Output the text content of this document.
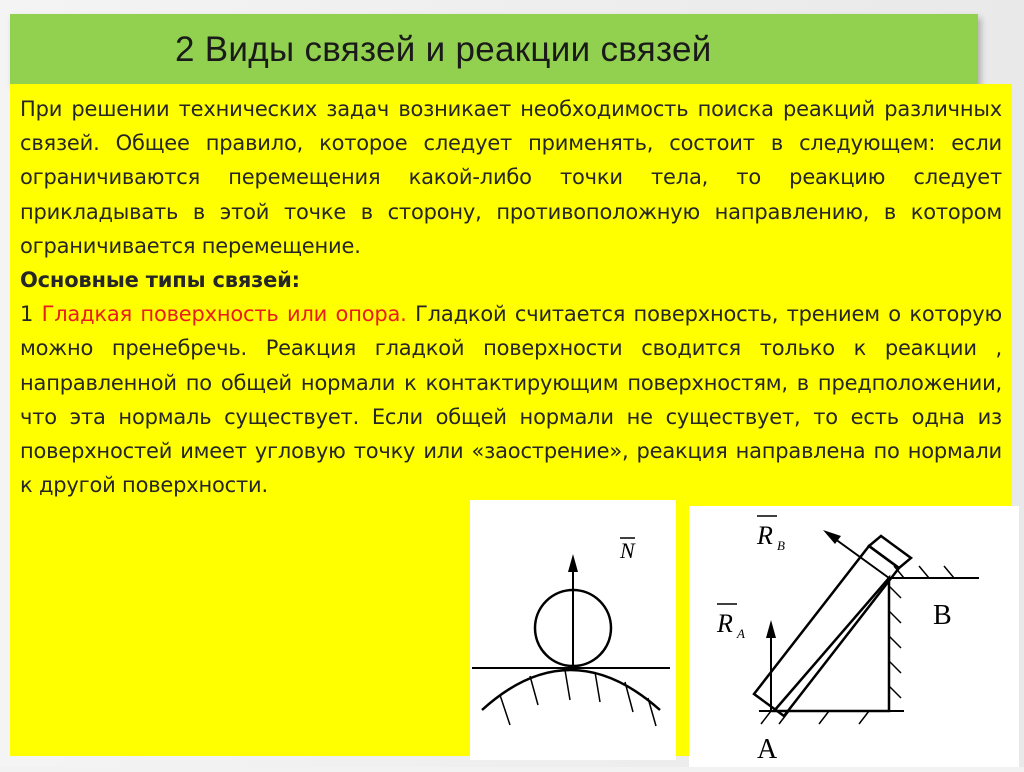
2 Виды связей и реакции связей

При решении технических задач возникает необходимость поиска реакций различных связей. Общее правило, которое следует применять, состоит в следующем: если ограничиваются перемещения какой-либо точки тела, то реакцию следует прикладывать в этой точке в сторону, противоположную направлению, в котором ограничивается перемещение.

Основные типы связей:

1 Гладкая поверхность или опора. Гладкой считается поверхность, трением о которую можно пренебречь. Реакция гладкой поверхности сводится только к реакции , направленной по общей нормали к контактирующим поверхностям, в предположении, что эта нормаль существует. Если общей нормали не существует, то есть одна из поверхностей имеет угловую точку или «заострение», реакция направлена по нормали к другой поверхности.

N
R B
R A
B
A
